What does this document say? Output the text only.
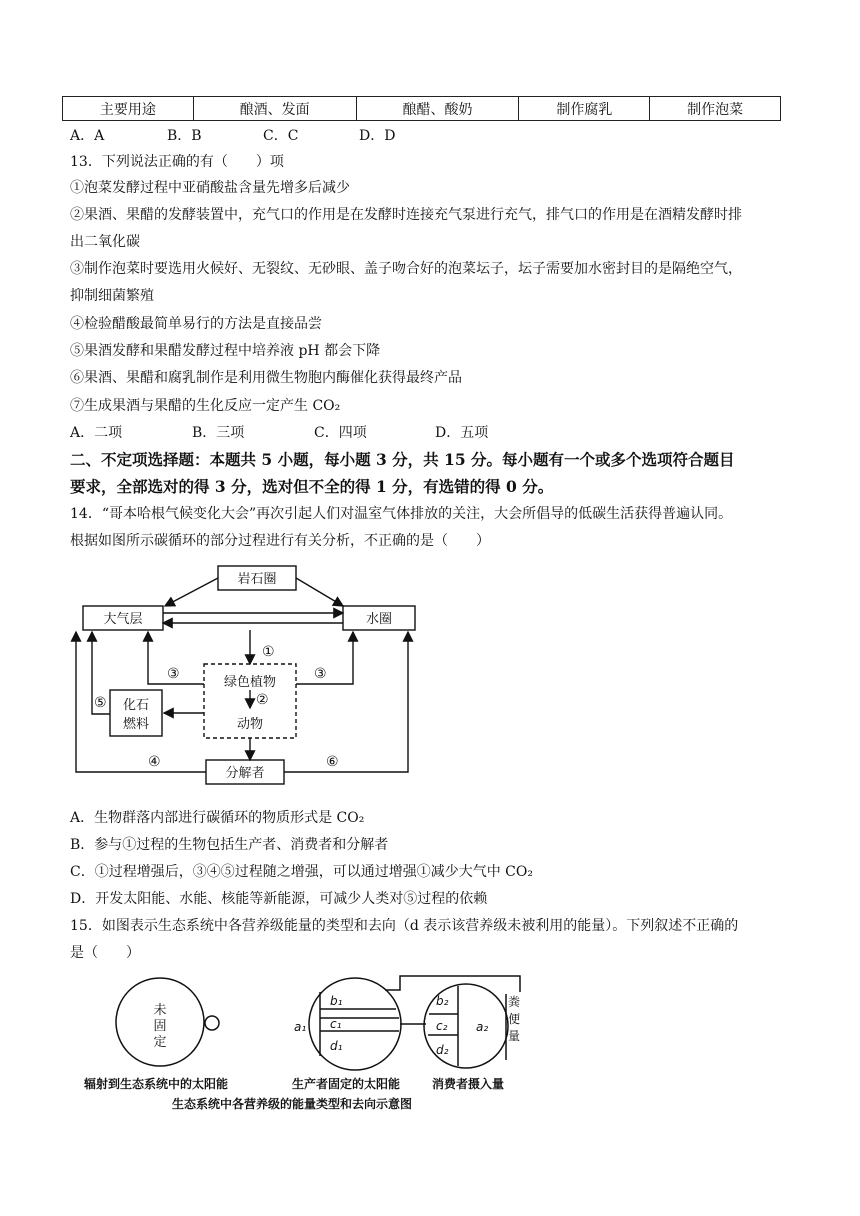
主要用途	酿酒、发面	酿醋、酸奶	制作腐乳	制作泡菜
A．A	B．B	C．C	D．D
13．下列说法正确的有（　　）项
①泡菜发酵过程中亚硝酸盐含量先增多后减少
②果酒、果醋的发酵装置中，充气口的作用是在发酵时连接充气泵进行充气，排气口的作用是在酒精发酵时排
出二氧化碳
③制作泡菜时要选用火候好、无裂纹、无砂眼、盖子吻合好的泡菜坛子，坛子需要加水密封目的是隔绝空气，
抑制细菌繁殖
④检验醋酸最简单易行的方法是直接品尝
⑤果酒发酵和果醋发酵过程中培养液 pH 都会下降
⑥果酒、果醋和腐乳制作是利用微生物胞内酶催化获得最终产品
⑦生成果酒与果醋的生化反应一定产生 CO₂
A．二项	B．三项	C．四项	D．五项
二、不定项选择题：本题共 5 小题，每小题 3 分，共 15 分。每小题有一个或多个选项符合题目
要求，全部选对的得 3 分，选对但不全的得 1 分，有选错的得 0 分。
14．“哥本哈根气候变化大会”再次引起人们对温室气体排放的关注，大会所倡导的低碳生活获得普遍认同。
根据如图所示碳循环的部分过程进行有关分析，不正确的是（　　）
岩石圈
大气层	水圈
绿色植物
动物
化石
燃料
分解者
①
②
③	③
⑤
④	⑥
A．生物群落内部进行碳循环的物质形式是 CO₂
B．参与①过程的生物包括生产者、消费者和分解者
C．①过程增强后，③④⑤过程随之增强，可以通过增强①减少大气中 CO₂
D．开发太阳能、水能、核能等新能源，可减少人类对⑤过程的依赖
15．如图表示生态系统中各营养级能量的类型和去向（d 表示该营养级未被利用的能量）。下列叙述不正确的
是（　　）
未
固
定
a₁
b₁
c₁
d₁
b₂
c₂
d₂
a₂
粪
便
量
辐射到生态系统中的太阳能	生产者固定的太阳能	消费者摄入量
生态系统中各营养级的能量类型和去向示意图
